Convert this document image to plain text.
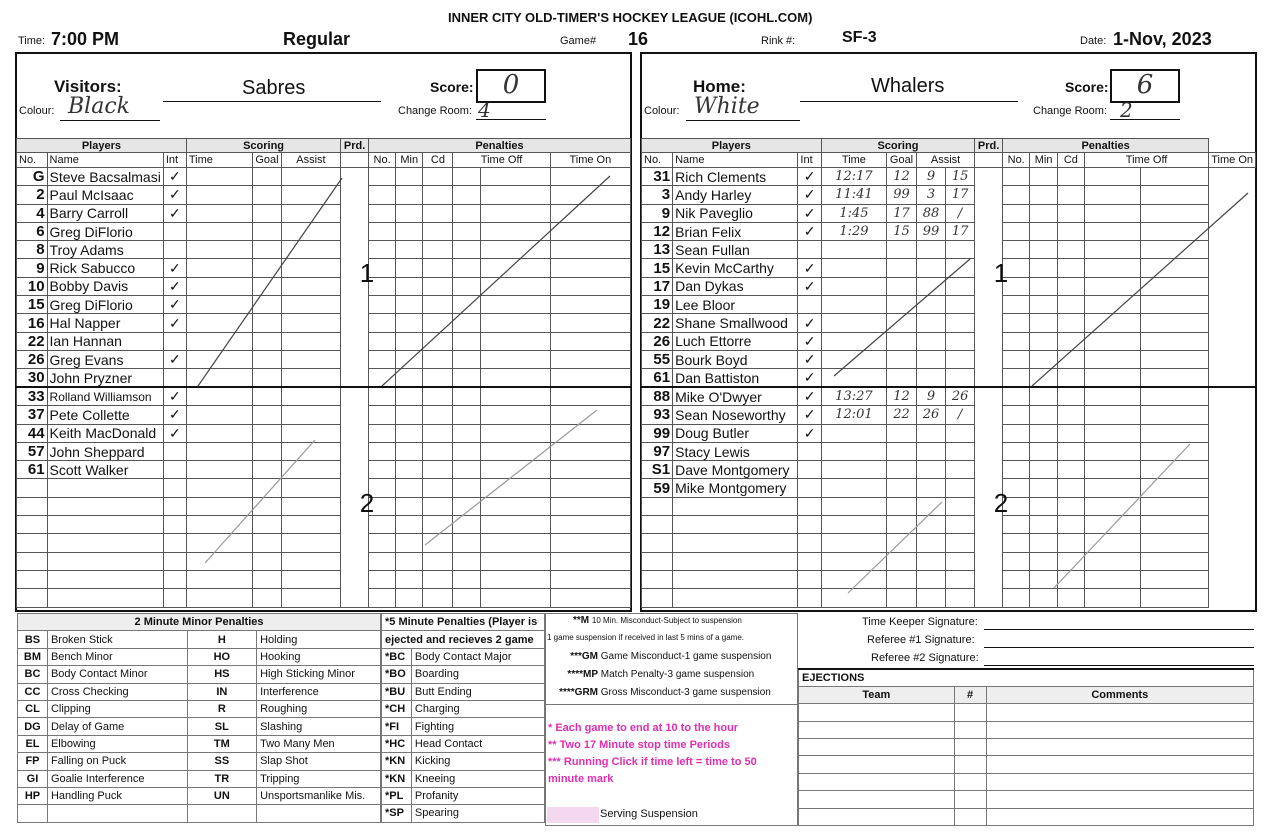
INNER CITY OLD-TIMER'S HOCKEY LEAGUE (ICOHL.COM)
Time: 7:00 PM	Regular	Game# 16	Rink #:	SF-3	Date: 1-Nov, 2023
Visitors:	Sabres
Colour: Black
Score:	0
Change Room: 4
Home:	Whalers
Colour: White
Score:	6
Change Room: 2
Players			Scoring			Prd.	Penalties					
No.	Name	Int	Time	Goal	Assist		No.	Min	Cd	Time Off		Time On
G	Steve Bacsalmasi	✓										
2	Paul McIsaac	✓										
4	Barry Carroll	✓										
6	Greg DiFlorio											
8	Troy Adams											
9	Rick Sabucco	✓										
10	Bobby Davis	✓										
15	Greg DiFlorio	✓										
16	Hal Napper	✓										
22	Ian Hannan											
26	Greg Evans	✓										
30	John Pryzner											
33	Rolland Williamson	✓										
37	Pete Collette	✓										
44	Keith MacDonald	✓										
57	John Sheppard											
61	Scott Walker											

Players			Scoring				Prd.	Penalties					
No.	Name	Int	Time	Goal	Assist			No.	Min	Cd	Time Off		Time On
31	Rich Clements	✓	12:17	12	9	15							
3	Andy Harley	✓	11:41	99	3	17							
9	Nik Paveglio	✓	1:45	17	88	/							
12	Brian Felix	✓	1:29	15	99	17							
13	Sean Fullan												
15	Kevin McCarthy	✓											
17	Dan Dykas	✓											
19	Lee Bloor												
22	Shane Smallwood	✓											
26	Luch Ettorre	✓											
55	Bourk Boyd	✓											
61	Dan Battiston	✓											
88	Mike O'Dwyer	✓	13:27	12	9	26							
93	Sean Noseworthy	✓	12:01	22	26	/							
99	Doug Butler	✓											
97	Stacy Lewis												
S1	Dave Montgomery												
59	Mike Montgomery												

1
2
1
2
2 Minute Minor Penalties			
BS	Broken Stick	H	Holding
BM	Bench Minor	HO	Hooking
BC	Body Contact Minor	HS	High Sticking Minor
CC	Cross Checking	IN	Interference
CL	Clipping	R	Roughing
DG	Delay of Game	SL	Slashing
EL	Elbowing	TM	Two Many Men
FP	Falling on Puck	SS	Slap Shot
GI	Goalie Interference	TR	Tripping
HP	Handling Puck	UN	Unsportsmanlike Mis.

*5 Minute Penalties (Player is	
ejected and recieves 2 game	
*BC	Body Contact Major
*BO	Boarding
*BU	Butt Ending
*CH	Charging
*FI	Fighting
*HC	Head Contact
*KN	Kicking
*KN	Kneeing
*PL	Profanity
*SP	Spearing
**M 10 Min. Misconduct-Subject to suspension
1 game suspension if received in last 5 mins of a game.
***GM Game Misconduct-1 game suspension
****MP Match Penalty-3 game suspension
****GRM Gross Misconduct-3 game suspension
* Each game to end at 10 to the hour
** Two 17 Minute stop time Periods
*** Running Click if time left = time to 50
minute mark
Serving Suspension
Time Keeper Signature:
Referee #1 Signature:
Referee #2 Signature:
EJECTIONS		
Team	#	Comments
